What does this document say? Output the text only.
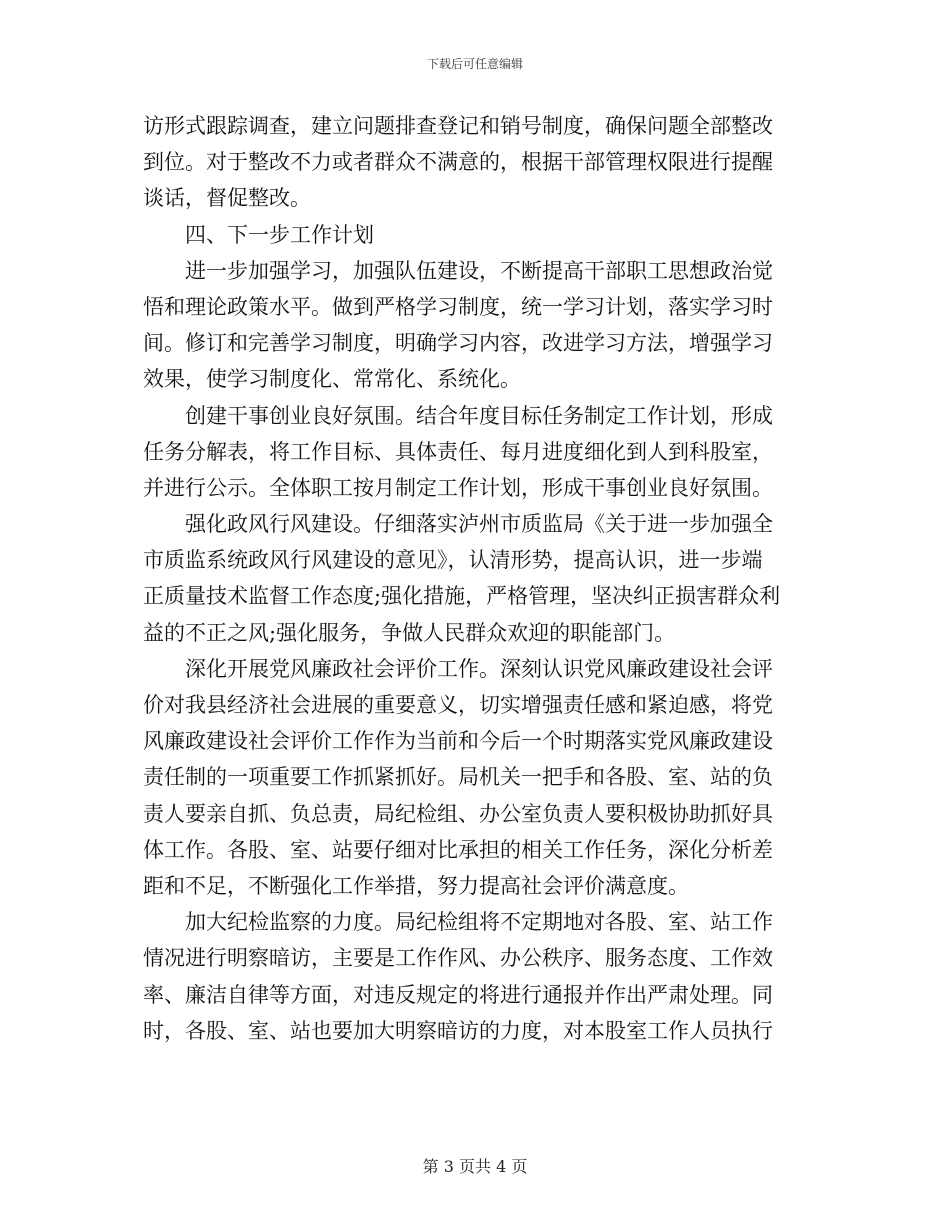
下载后可任意编辑
访形式跟踪调查，建立问题排查登记和销号制度，确保问题全部整改
到位。对于整改不力或者群众不满意的，根据干部管理权限进行提醒
谈话，督促整改。
四、下一步工作计划
进一步加强学习，加强队伍建设，不断提高干部职工思想政治觉
悟和理论政策水平。做到严格学习制度，统一学习计划，落实学习时
间。修订和完善学习制度，明确学习内容，改进学习方法，增强学习
效果，使学习制度化、常常化、系统化。
创建干事创业良好氛围。结合年度目标任务制定工作计划，形成
任务分解表，将工作目标、具体责任、每月进度细化到人到科股室，
并进行公示。全体职工按月制定工作计划，形成干事创业良好氛围。
强化政风行风建设。仔细落实泸州市质监局《关于进一步加强全
市质监系统政风行风建设的意见》，认清形势，提高认识，进一步端
正质量技术监督工作态度;强化措施，严格管理，坚决纠正损害群众利
益的不正之风;强化服务，争做人民群众欢迎的职能部门。
深化开展党风廉政社会评价工作。深刻认识党风廉政建设社会评
价对我县经济社会进展的重要意义，切实增强责任感和紧迫感，将党
风廉政建设社会评价工作作为当前和今后一个时期落实党风廉政建设
责任制的一项重要工作抓紧抓好。局机关一把手和各股、室、站的负
责人要亲自抓、负总责，局纪检组、办公室负责人要积极协助抓好具
体工作。各股、室、站要仔细对比承担的相关工作任务，深化分析差
距和不足，不断强化工作举措，努力提高社会评价满意度。
加大纪检监察的力度。局纪检组将不定期地对各股、室、站工作
情况进行明察暗访，主要是工作作风、办公秩序、服务态度、工作效
率、廉洁自律等方面，对违反规定的将进行通报并作出严肃处理。同
时，各股、室、站也要加大明察暗访的力度，对本股室工作人员执行
第 3 页共 4 页
